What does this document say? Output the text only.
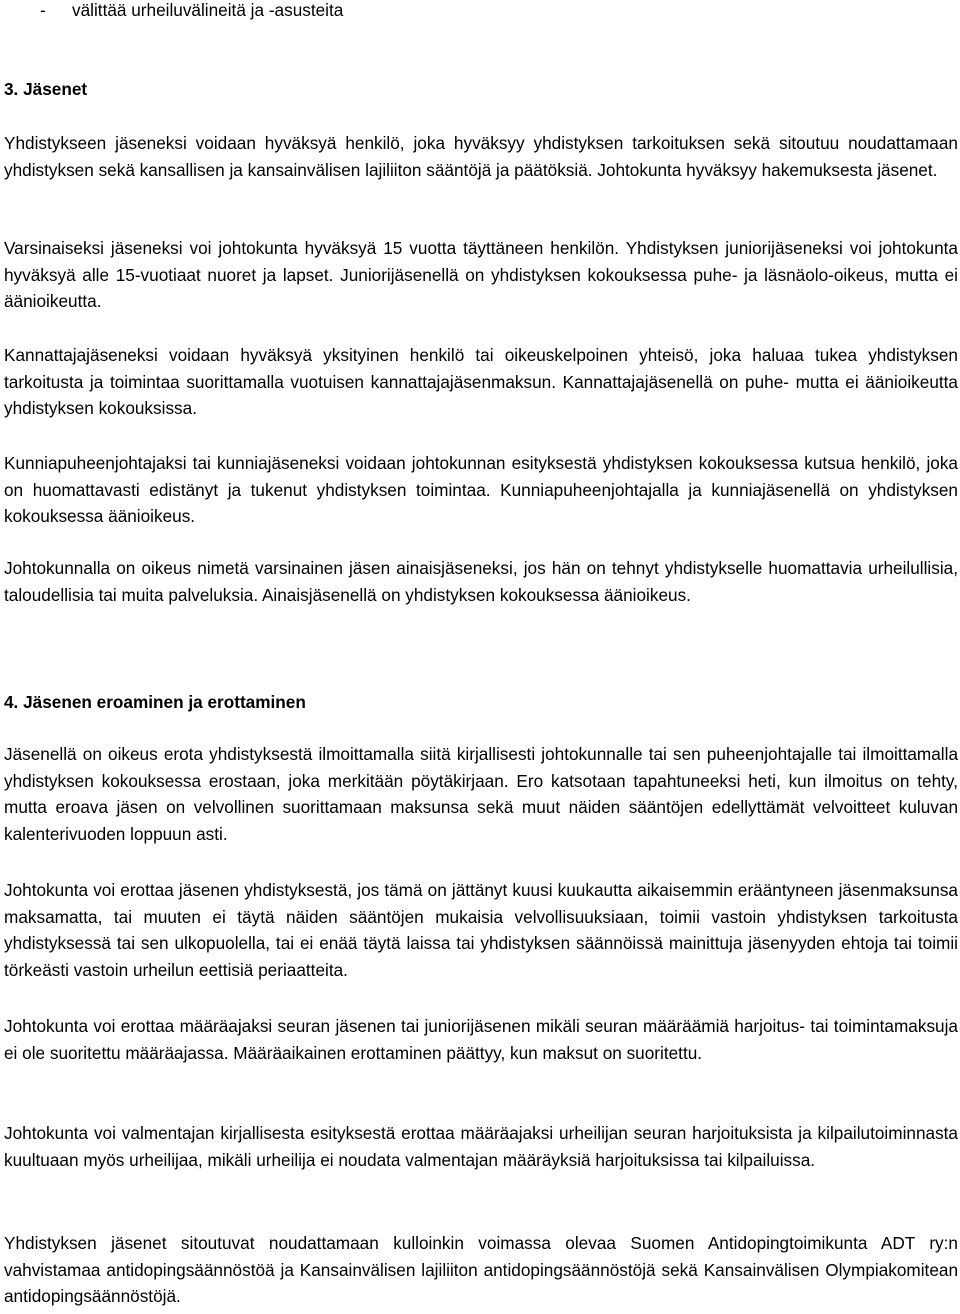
- välittää urheiluvälineitä ja -asusteita
3. Jäsenet
Yhdistykseen jäseneksi voidaan hyväksyä henkilö, joka hyväksyy yhdistyksen tarkoituksen sekä sitoutuu noudattamaan yhdistyksen sekä kansallisen ja kansainvälisen lajiliiton sääntöjä ja päätöksiä. Johtokunta hyväksyy hakemuksesta jäsenet.
Varsinaiseksi jäseneksi voi johtokunta hyväksyä 15 vuotta täyttäneen henkilön. Yhdistyksen juniorijäseneksi voi johtokunta hyväksyä alle 15-vuotiaat nuoret ja lapset. Juniorijäsenellä on yhdistyksen kokouksessa puhe- ja läsnäolo-oikeus, mutta ei äänioikeutta.
Kannattajajäseneksi voidaan hyväksyä yksityinen henkilö tai oikeuskelpoinen yhteisö, joka haluaa tukea yhdistyksen tarkoitusta ja toimintaa suorittamalla vuotuisen kannattajajäsenmaksun. Kannattajajäsenellä on puhe- mutta ei äänioikeutta yhdistyksen kokouksissa.
Kunniapuheenjohtajaksi tai kunniajäseneksi voidaan johtokunnan esityksestä yhdistyksen kokouksessa kutsua henkilö, joka on huomattavasti edistänyt ja tukenut yhdistyksen toimintaa. Kunniapuheenjohtajalla ja kunniajäsenellä on yhdistyksen kokouksessa äänioikeus.
Johtokunnalla on oikeus nimetä varsinainen jäsen ainaisjäseneksi, jos hän on tehnyt yhdistykselle huomattavia urheilullisia, taloudellisia tai muita palveluksia. Ainaisjäsenellä on yhdistyksen kokouksessa äänioikeus.
4. Jäsenen eroaminen ja erottaminen
Jäsenellä on oikeus erota yhdistyksestä ilmoittamalla siitä kirjallisesti johtokunnalle tai sen puheenjohtajalle tai ilmoittamalla yhdistyksen kokouksessa erostaan, joka merkitään pöytäkirjaan. Ero katsotaan tapahtuneeksi heti, kun ilmoitus on tehty, mutta eroava jäsen on velvollinen suorittamaan maksunsa sekä muut näiden sääntöjen edellyttämät velvoitteet kuluvan kalenterivuoden loppuun asti.
Johtokunta voi erottaa jäsenen yhdistyksestä, jos tämä on jättänyt kuusi kuukautta aikaisemmin erääntyneen jäsenmaksunsa maksamatta, tai muuten ei täytä näiden sääntöjen mukaisia velvollisuuksiaan, toimii vastoin yhdistyksen tarkoitusta yhdistyksessä tai sen ulkopuolella, tai ei enää täytä laissa tai yhdistyksen säännöissä mainittuja jäsenyyden ehtoja tai toimii törkeästi vastoin urheilun eettisiä periaatteita.
Johtokunta voi erottaa määräajaksi seuran jäsenen tai juniorijäsenen mikäli seuran määräämiä harjoitus- tai toimintamaksuja ei ole suoritettu määräajassa. Määräaikainen erottaminen päättyy, kun maksut on suoritettu.
Johtokunta voi valmentajan kirjallisesta esityksestä erottaa määräajaksi urheilijan seuran harjoituksista ja kilpailutoiminnasta kuultuaan myös urheilijaa, mikäli urheilija ei noudata valmentajan määräyksiä harjoituksissa tai kilpailuissa.
Yhdistyksen jäsenet sitoutuvat noudattamaan kulloinkin voimassa olevaa Suomen Antidopingtoimikunta ADT ry:n vahvistamaa antidopingsäännöstöä ja Kansainvälisen lajiliiton antidopingsäännöstöjä sekä Kansainvälisen Olympiakomitean antidopingsäännöstöjä.
